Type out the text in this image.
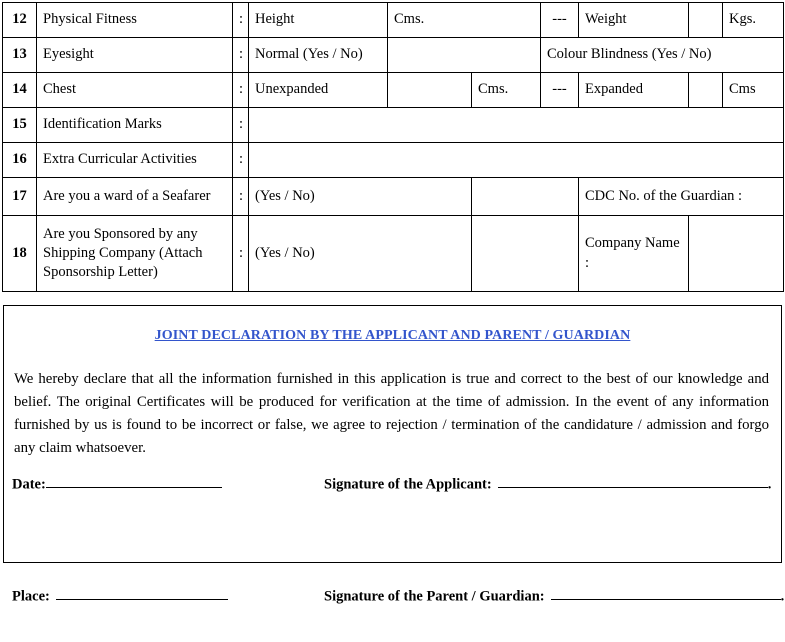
12	Physical Fitness	:	Height	Cms.		---	Weight		Kgs.
13	Eyesight	:	Normal (Yes / No)			Colour Blindness (Yes / No)			
14	Chest	:	Unexpanded		Cms.	---	Expanded		Cms
15	Identification Marks	:							
16	Extra Curricular Activities	:							
17	Are you a ward of a Seafarer	:	(Yes / No)				CDC No. of the Guardian :		
18	Are you Sponsored by any Shipping Company (Attach Sponsorship Letter)	:	(Yes / No)				Company Name :		
JOINT DECLARATION BY THE APPLICANT AND PARENT / GUARDIAN
We hereby declare that all the information furnished in this application is true and correct to the best of our knowledge and belief. The original Certificates will be produced for verification at the time of admission. In the event of any information furnished by us is found to be incorrect or false, we agree to rejection / termination of the candidature / admission and forgo any claim whatsoever.
Date:	Signature of the Applicant:	.
Place:	Signature of the Parent / Guardian:	.
